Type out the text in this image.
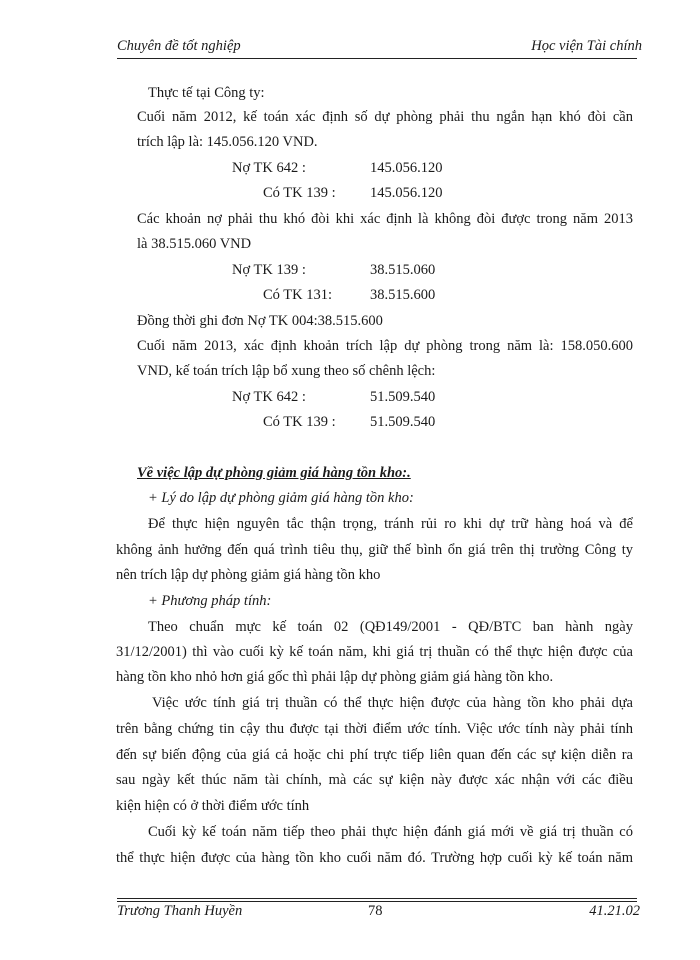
Chuyên đề tốt nghiệp	Học viện Tài chính
Thực tế tại Công ty:
Cuối năm 2012, kế toán xác định số dự phòng phải thu ngắn hạn khó đòi cần
trích lập là: 145.056.120 VND.
Nợ TK 642 :	145.056.120
Có TK 139 : 145.056.120
Các khoản nợ phải thu khó đòi khi xác định là không đòi được trong năm 2013
là 38.515.060 VND
Nợ TK 139 :	38.515.060
Có TK 131:	38.515.600
Đồng thời ghi đơn Nợ TK 004:38.515.600
Cuối năm 2013, xác định khoản trích lập dự phòng trong năm là: 158.050.600
VND, kế toán trích lập bổ xung theo số chênh lệch:
Nợ TK 642 :	51.509.540
Có TK 139 : 51.509.540
Về việc lập dự phòng giảm giá hàng tồn kho:.
+ Lý do lập dự phòng giảm giá hàng tồn kho:
Để thực hiện nguyên tắc thận trọng, tránh rủi ro khi dự trữ hàng hoá và để
không ảnh hưởng đến quá trình tiêu thụ, giữ thế bình ổn giá trên thị trường Công ty
nên trích lập dự phòng giảm giá hàng tồn kho
+ Phương pháp tính:
Theo chuẩn mực kế toán 02 (QĐ149/2001 - QĐ/BTC ban hành ngày
31/12/2001) thì vào cuối kỳ kế toán năm, khi giá trị thuần có thể thực hiện được của
hàng tồn kho nhỏ hơn giá gốc thì phải lập dự phòng giảm giá hàng tồn kho.
Việc ước tính giá trị thuần có thể thực hiện được của hàng tồn kho phải dựa
trên bằng chứng tin cậy thu được tại thời điểm ước tính. Việc ước tính này phải tính
đến sự biến động của giá cả hoặc chi phí trực tiếp liên quan đến các sự kiện diễn ra
sau ngày kết thúc năm tài chính, mà các sự kiện này được xác nhận với các điều
kiện hiện có ở thời điểm ước tính
Cuối kỳ kế toán năm tiếp theo phải thực hiện đánh giá mới về giá trị thuần có
thể thực hiện được của hàng tồn kho cuối năm đó. Trường hợp cuối kỳ kế toán năm
Trương Thanh Huyền	78	41.21.02
